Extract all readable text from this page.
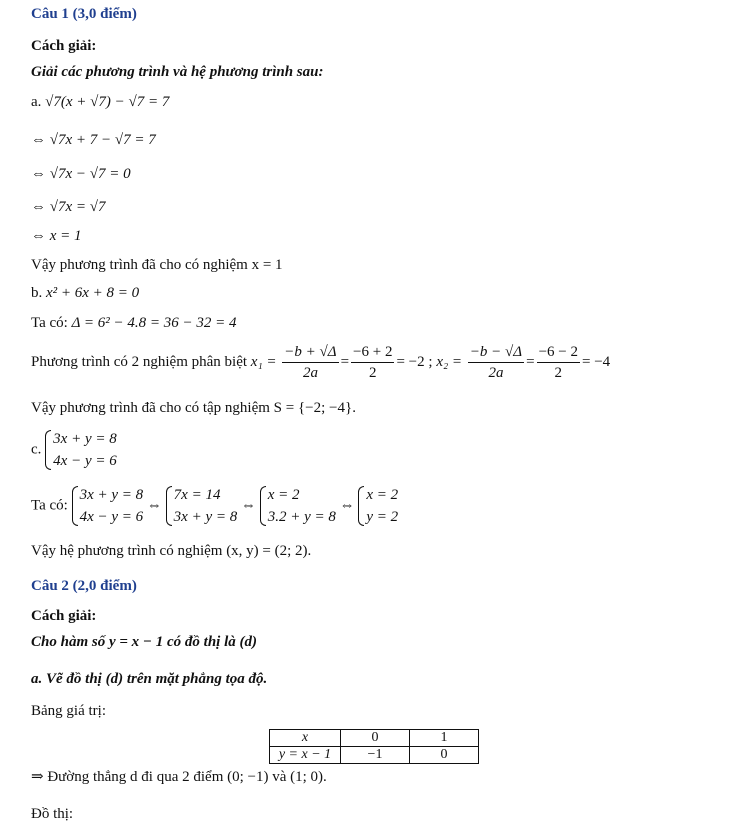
Câu 1 (3,0 điểm)
Cách giải:
Giải các phương trình và hệ phương trình sau:
a. √7(x + √7) − √7 = 7
⇔ √7x + 7 − √7 = 7
⇔ √7x − √7 = 0
⇔ √7x = √7
⇔ x = 1
Vậy phương trình đã cho có nghiệm x = 1
b. x² + 6x + 8 = 0
Ta có: Δ = 6² − 4.8 = 36 − 32 = 4
Phương trình có 2 nghiệm phân biệt $x_1 = \frac{-b + √\Delta}{2a} = \frac{-6 + 2}{2} = -2$ ; $x_2 = \frac{-b - √\Delta}{2a} = \frac{-6 - 2}{2} = -4$
Vậy phương trình đã cho có tập nghiệm S = {−2; −4}.
c.
3x + y = 8
4x − y = 6
Ta có:
3x + y = 8
4x − y = 6
⇔
7x = 14
3x + y = 8
⇔
x = 2
3.2 + y = 8
⇔
x = 2
y = 2
Vậy hệ phương trình có nghiệm (x, y) = (2; 2).
Câu 2 (2,0 điểm)
Cách giải:
Cho hàm số y = x − 1 có đồ thị là (d)
a. Vẽ đồ thị (d) trên mặt phẳng tọa độ.
Bảng giá trị:
x	0	1
y = x − 1	−1	0
⇒ Đường thẳng d đi qua 2 điểm (0; −1) và (1; 0).
Đồ thị:
